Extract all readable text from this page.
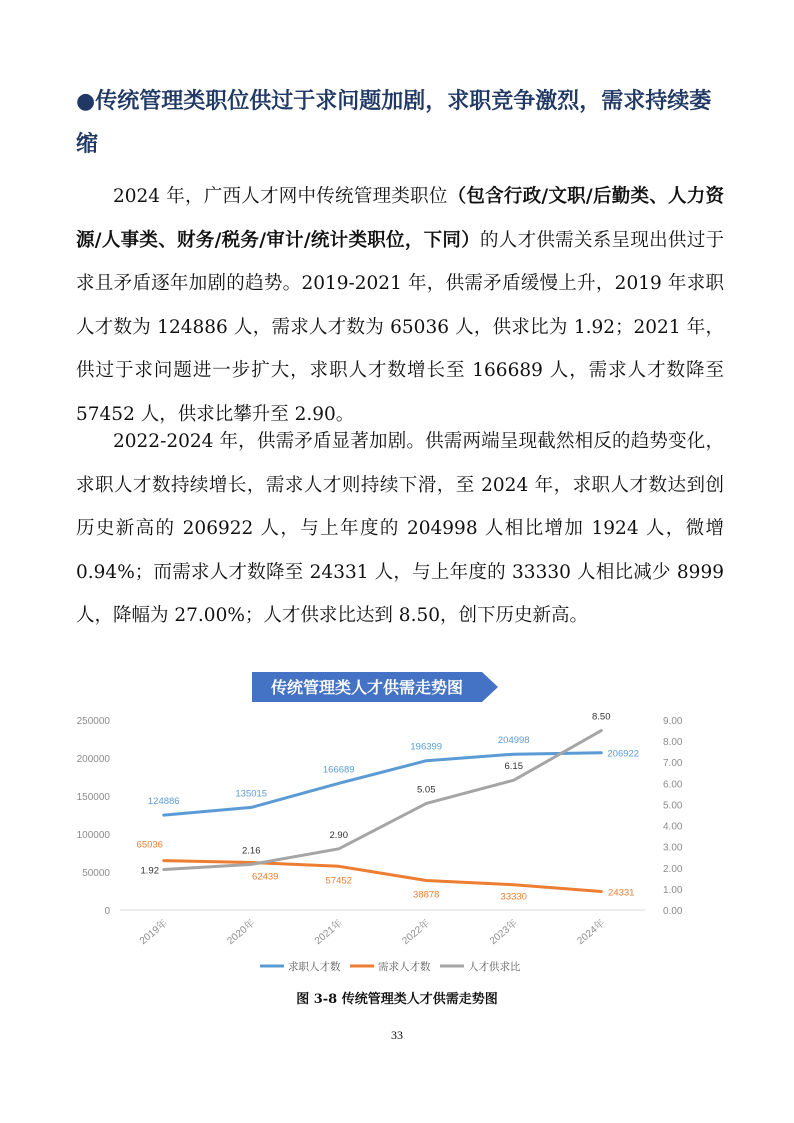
●传统管理类职位供过于求问题加剧，求职竞争激烈，需求持续萎缩

2024 年，广西人才网中传统管理类职位（包含行政/文职/后勤类、人力资源/人事类、财务/税务/审计/统计类职位，下同）的人才供需关系呈现出供过于求且矛盾逐年加剧的趋势。2019-2021 年，供需矛盾缓慢上升，2019 年求职人才数为 124886 人，需求人才数为 65036 人，供求比为 1.92；2021 年，供过于求问题进一步扩大，求职人才数增长至 166689 人，需求人才数降至 57452 人，供求比攀升至 2.90。

2022-2024 年，供需矛盾显著加剧。供需两端呈现截然相反的趋势变化，求职人才数持续增长，需求人才则持续下滑，至 2024 年，求职人才数达到创历史新高的 206922 人，与上年度的 204998 人相比增加 1924 人，微增 0.94%；而需求人才数降至 24331 人，与上年度的 33330 人相比减少 8999 人，降幅为 27.00%；人才供求比达到 8.50，创下历史新高。

传统管理类人才供需走势图
0
50000
100000
150000
200000
250000
0.00
1.00
2.00
3.00
4.00
5.00
6.00
7.00
8.00
9.00
2019年	2020年	2021年	2022年	2023年	2024年
124886
135015
166689
196399
204998
206922
65036
62439	57452
38878	33330	24331
1.92
2.16
2.90
5.05
6.15
8.50
求职人才数	需求人才数	人才供求比
图 3-8 传统管理类人才供需走势图
33
